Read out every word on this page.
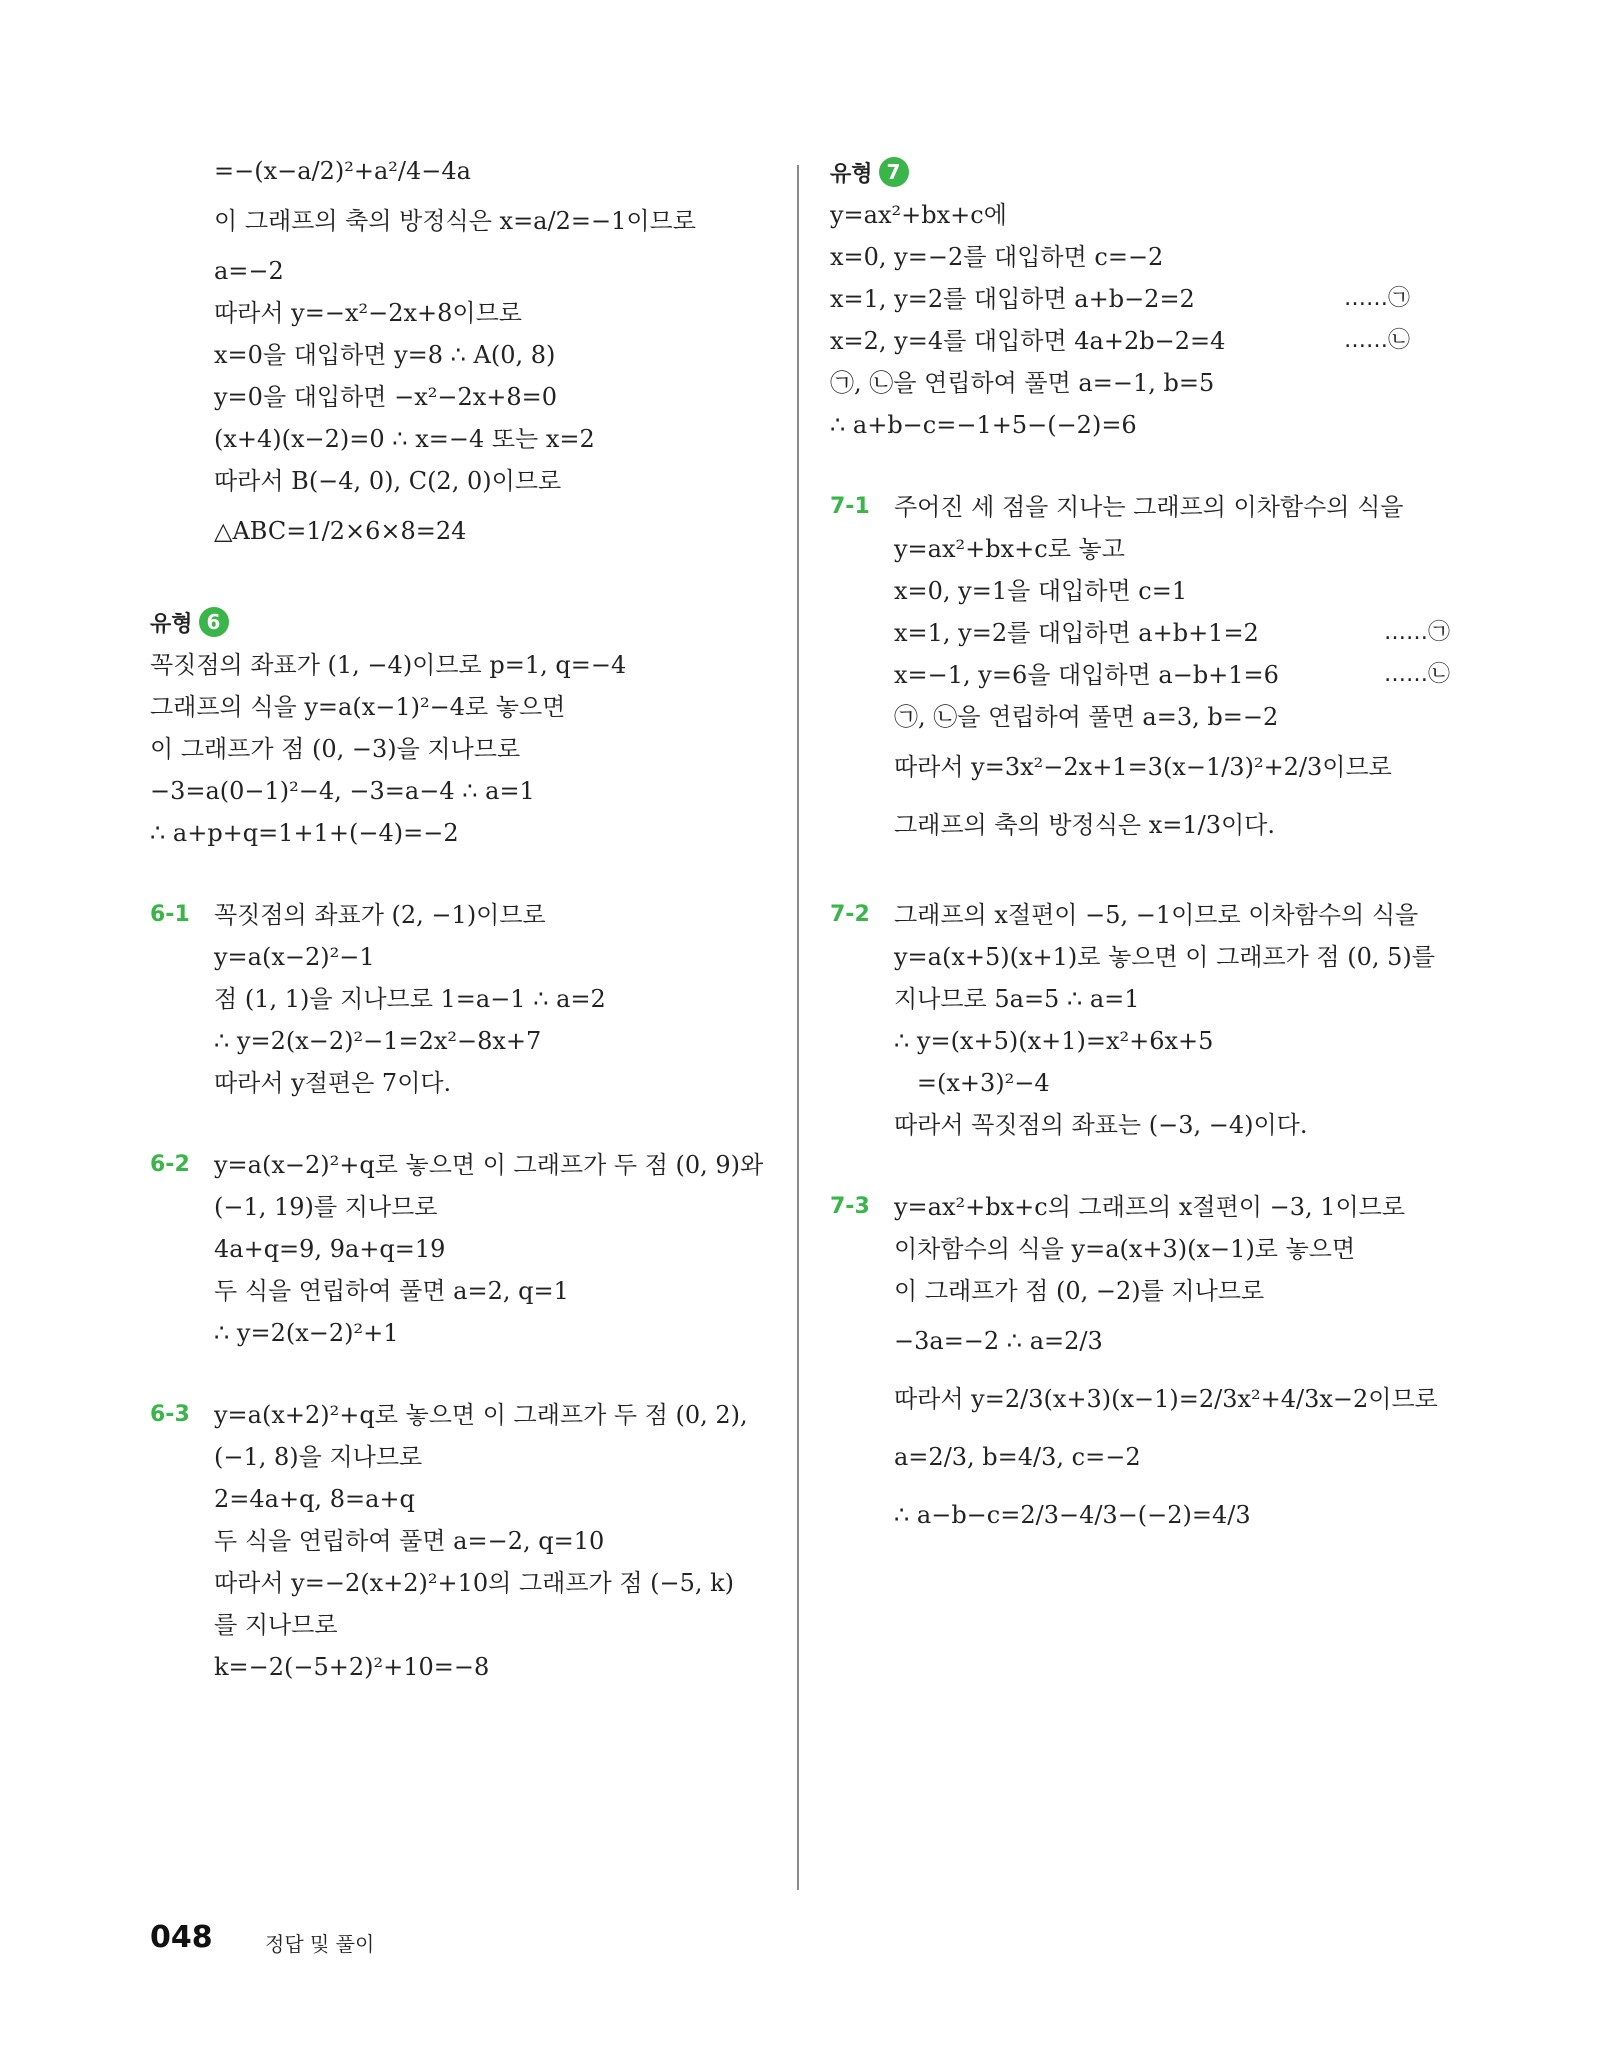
=−(x−a/2)²+a²/4−4a
이 그래프의 축의 방정식은 x=a/2=−1이므로
a=−2
따라서 y=−x²−2x+8이므로
x=0을 대입하면 y=8 ∴ A(0, 8)
y=0을 대입하면 −x²−2x+8=0
(x+4)(x−2)=0 ∴ x=−4 또는 x=2
따라서 B(−4, 0), C(2, 0)이므로
△ABC=1/2×6×8=24
유형 6
꼭짓점의 좌표가 (1, −4)이므로 p=1, q=−4
그래프의 식을 y=a(x−1)²−4로 놓으면
이 그래프가 점 (0, −3)을 지나므로
−3=a(0−1)²−4, −3=a−4 ∴ a=1
∴ a+p+q=1+1+(−4)=−2
6-1	꼭짓점의 좌표가 (2, −1)이므로
y=a(x−2)²−1
점 (1, 1)을 지나므로 1=a−1 ∴ a=2
∴ y=2(x−2)²−1=2x²−8x+7
따라서 y절편은 7이다.
6-2	y=a(x−2)²+q로 놓으면 이 그래프가 두 점 (0, 9)와
(−1, 19)를 지나므로
4a+q=9, 9a+q=19
두 식을 연립하여 풀면 a=2, q=1
∴ y=2(x−2)²+1
6-3	y=a(x+2)²+q로 놓으면 이 그래프가 두 점 (0, 2),
(−1, 8)을 지나므로
2=4a+q, 8=a+q
두 식을 연립하여 풀면 a=−2, q=10
따라서 y=−2(x+2)²+10의 그래프가 점 (−5, k)
를 지나므로
k=−2(−5+2)²+10=−8
유형 7
y=ax²+bx+c에
x=0, y=−2를 대입하면 c=−2
x=1, y=2를 대입하면 a+b−2=2	……㉠
x=2, y=4를 대입하면 4a+2b−2=4	……㉡
㉠, ㉡을 연립하여 풀면 a=−1, b=5
∴ a+b−c=−1+5−(−2)=6
7-1	주어진 세 점을 지나는 그래프의 이차함수의 식을
y=ax²+bx+c로 놓고
x=0, y=1을 대입하면 c=1
x=1, y=2를 대입하면 a+b+1=2	……㉠
x=−1, y=6을 대입하면 a−b+1=6	……㉡
㉠, ㉡을 연립하여 풀면 a=3, b=−2
따라서 y=3x²−2x+1=3(x−1/3)²+2/3이므로
그래프의 축의 방정식은 x=1/3이다.
7-2	그래프의 x절편이 −5, −1이므로 이차함수의 식을
y=a(x+5)(x+1)로 놓으면 이 그래프가 점 (0, 5)를
지나므로 5a=5 ∴ a=1
∴ y=(x+5)(x+1)=x²+6x+5
=(x+3)²−4
따라서 꼭짓점의 좌표는 (−3, −4)이다.
7-3	y=ax²+bx+c의 그래프의 x절편이 −3, 1이므로
이차함수의 식을 y=a(x+3)(x−1)로 놓으면
이 그래프가 점 (0, −2)를 지나므로
−3a=−2 ∴ a=2/3
따라서 y=2/3(x+3)(x−1)=2/3x²+4/3x−2이므로
a=2/3, b=4/3, c=−2
∴ a−b−c=2/3−4/3−(−2)=4/3
048	정답 및 풀이
